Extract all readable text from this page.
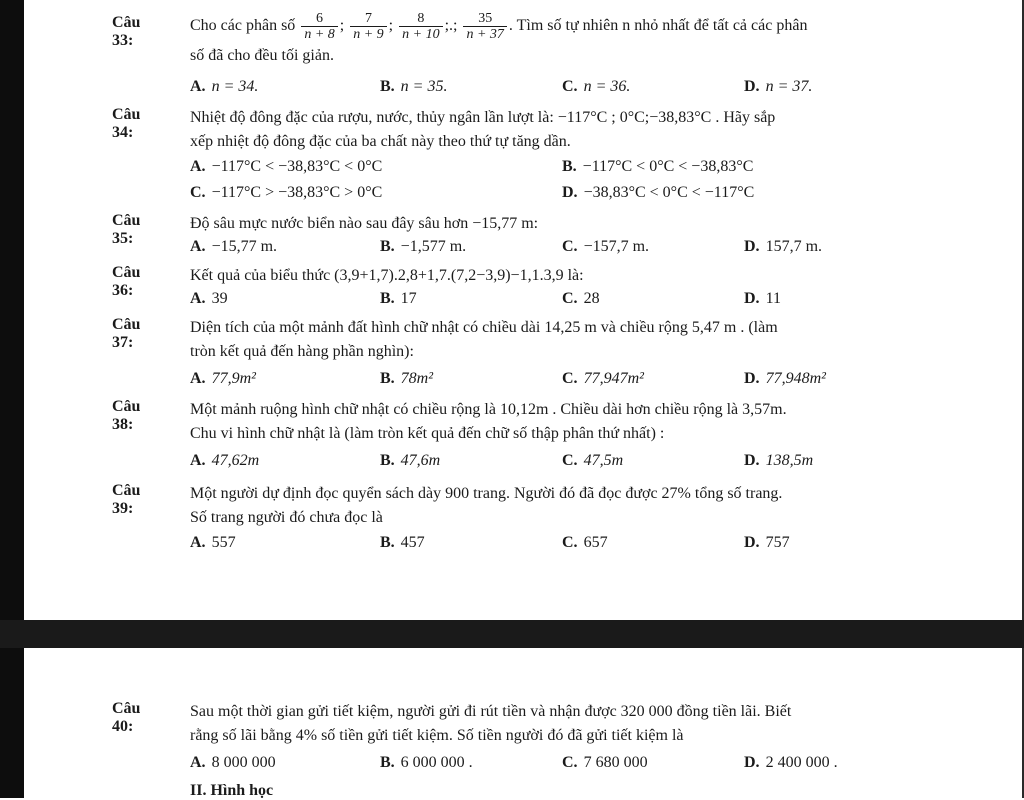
Câu 33:
Cho các phân số $\frac{6}{n + 8}$ ; $\frac{7}{n + 9}$ ; $\frac{8}{n + 10}$ ;.; $\frac{35}{n + 37}$ . Tìm số tự nhiên n nhỏ nhất để tất cả các phân
số đã cho đều tối giản.
A. n = 34.	B. n = 35.	C. n = 36.	D. n = 37.
Câu 34:
Nhiệt độ đông đặc của rượu, nước, thủy ngân lần lượt là: −117°C ; 0°C;−38,83°C . Hãy sắp
xếp nhiệt độ đông đặc của ba chất này theo thứ tự tăng dần.
A. −117°C < −38,83°C < 0°C	B. −117°C < 0°C < −38,83°C
C. −117°C > −38,83°C > 0°C	D. −38,83°C < 0°C < −117°C
Câu 35:
Độ sâu mực nước biển nào sau đây sâu hơn −15,77 m:
A. −15,77 m.	B. −1,577 m.	C. −157,7 m.	D. 157,7 m.
Câu 36:
Kết quả của biểu thức (3,9+1,7).2,8+1,7.(7,2−3,9)−1,1.3,9 là:
A. 39	B. 17	C. 28	D. 11
Câu 37:
Diện tích của một mảnh đất hình chữ nhật có chiều dài 14,25 m và chiều rộng 5,47 m . (làm
tròn kết quả đến hàng phần nghìn):
A. 77,9m²	B. 78m²	C. 77,947m²	D. 77,948m²
Câu 38:
Một mảnh ruộng hình chữ nhật có chiều rộng là 10,12m . Chiều dài hơn chiều rộng là 3,57m.
Chu vi hình chữ nhật là (làm tròn kết quả đến chữ số thập phân thứ nhất) :
A. 47,62m	B. 47,6m	C. 47,5m	D. 138,5m
Câu 39:
Một người dự định đọc quyển sách dày 900 trang. Người đó đã đọc được 27% tổng số trang.
Số trang người đó chưa đọc là
A. 557	B. 457	C. 657	D. 757
Câu 40:
Sau một thời gian gửi tiết kiệm, người gửi đi rút tiền và nhận được 320 000 đồng tiền lãi. Biết
rằng số lãi bằng 4% số tiền gửi tiết kiệm. Số tiền người đó đã gửi tiết kiệm là
A. 8 000 000	B. 6 000 000 .	C. 7 680 000	D. 2 400 000 .
II. Hình học
